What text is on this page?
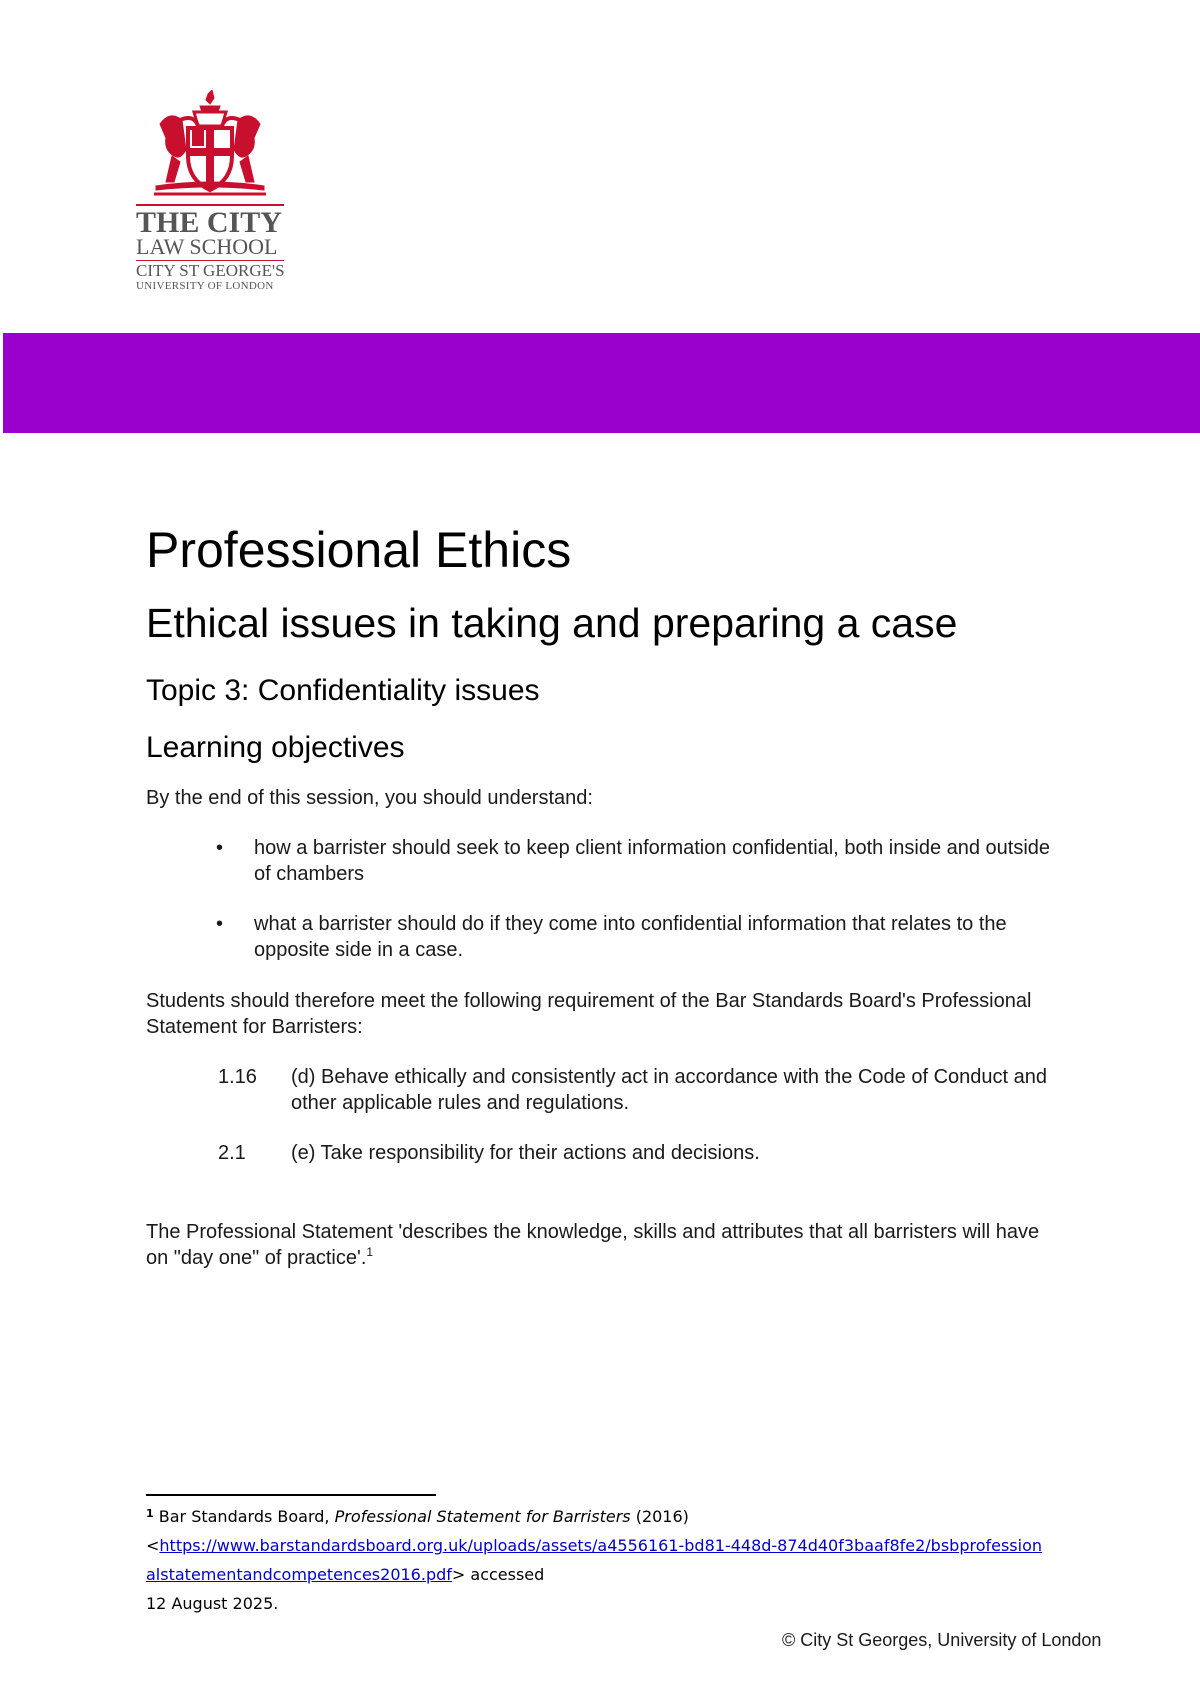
THE CITY
LAW SCHOOL
CITY ST GEORGE'S
UNIVERSITY OF LONDON
Professional Ethics
Ethical issues in taking and preparing a case
Topic 3: Confidentiality issues
Learning objectives
By the end of this session, you should understand:
• how a barrister should seek to keep client information confidential, both inside and outside of chambers
• what a barrister should do if they come into confidential information that relates to the opposite side in a case.
Students should therefore meet the following requirement of the Bar Standards Board's Professional Statement for Barristers:
1.16 (d) Behave ethically and consistently act in accordance with the Code of Conduct and other applicable rules and regulations.
2.1 (e) Take responsibility for their actions and decisions.
The Professional Statement 'describes the knowledge, skills and attributes that all barristers will have on "day one" of practice'.$^1$
$^1$ Bar Standards Board, Professional Statement for Barristers (2016)
<https://www.barstandardsboard.org.uk/uploads/assets/a4556161-bd81-448d-874d40f3baaf8fe2/bsbprofessionalstatementandcompetences2016.pdf> accessed
12 August 2025.
© City St Georges, University of London
